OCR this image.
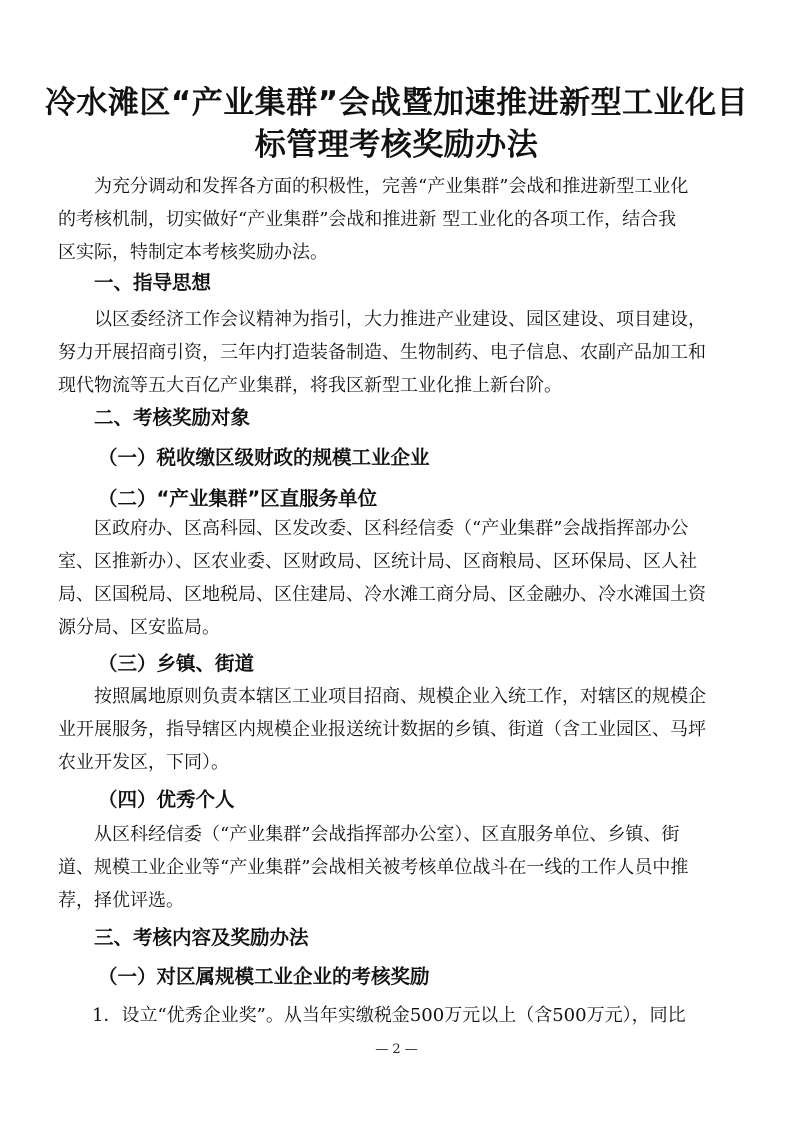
冷水滩区“产业集群”会战暨加速推进新型工业化目
标管理考核奖励办法
为充分调动和发挥各方面的积极性，完善“产业集群”会战和推进新型工业化
的考核机制，切实做好“产业集群”会战和推进新 型工业化的各项工作，结合我
区实际，特制定本考核奖励办法。
一、指导思想
以区委经济工作会议精神为指引，大力推进产业建设、园区建设、项目建设，
努力开展招商引资，三年内打造装备制造、生物制药、电子信息、农副产品加工和
现代物流等五大百亿产业集群，将我区新型工业化推上新台阶。
二、考核奖励对象
（一）税收缴区级财政的规模工业企业
（二）“产业集群”区直服务单位
区政府办、区高科园、区发改委、区科经信委（“产业集群”会战指挥部办公
室、区推新办）、区农业委、区财政局、区统计局、区商粮局、区环保局、区人社
局、区国税局、区地税局、区住建局、冷水滩工商分局、区金融办、冷水滩国土资
源分局、区安监局。
（三）乡镇、街道
按照属地原则负责本辖区工业项目招商、规模企业入统工作，对辖区的规模企
业开展服务，指导辖区内规模企业报送统计数据的乡镇、街道（含工业园区、马坪
农业开发区，下同）。
（四）优秀个人
从区科经信委（“产业集群”会战指挥部办公室）、区直服务单位、乡镇、街
道、规模工业企业等“产业集群”会战相关被考核单位战斗在一线的工作人员中推
荐，择优评选。
三、考核内容及奖励办法
（一）对区属规模工业企业的考核奖励
1．设立“优秀企业奖”。从当年实缴税金500万元以上（含500万元），同比
— 2 —
